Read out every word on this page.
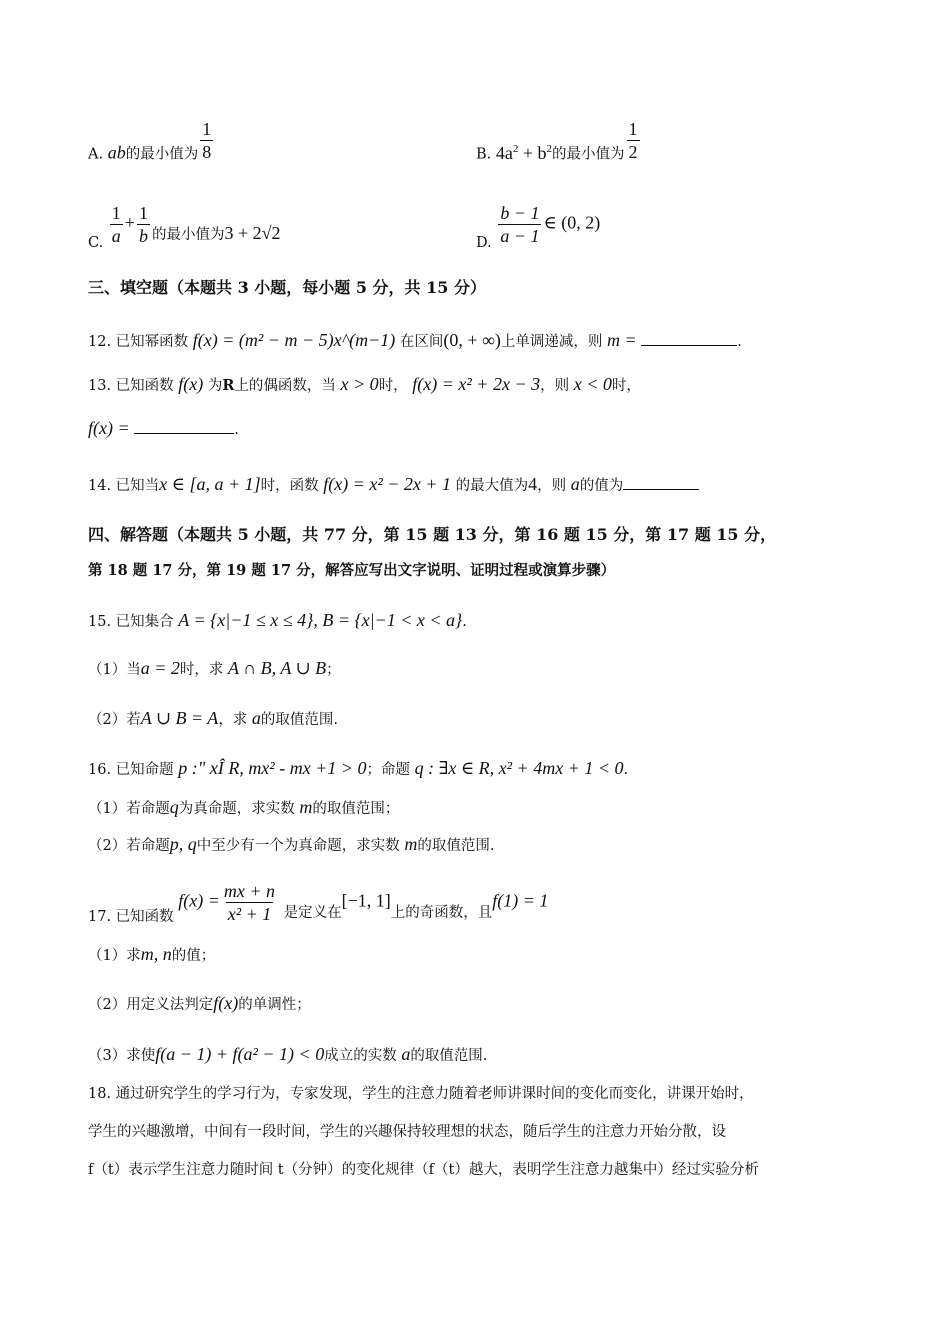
A. ab的最小值为 $\frac{1}{8}$	B. $4a^2 + b^2$的最小值为 $\frac{1}{2}$
C. $\frac{1}{a} + \frac{1}{b}$ 的最小值为3 + 2√2	D. $\frac{b - 1}{a - 1}$ ∈ (0, 2)
三、填空题（本题共 3 小题，每小题 5 分，共 15 分）
12. 已知幂函数 f(x) = (m² − m − 5)x^(m−1) 在区间(0, + ∞)上单调递减，则 m =	.
13. 已知函数 f(x) 为R上的偶函数，当 x > 0时， f(x) = x² + 2x − 3，则 x < 0时，
f(x) =	.
14. 已知当x ∈ [a, a + 1]时，函数 f(x) = x² − 2x + 1 的最大值为4，则 a的值为
四、解答题（本题共 5 小题，共 77 分，第 15 题 13 分，第 16 题 15 分，第 17 题 15 分，
第 18 题 17 分，第 19 题 17 分，解答应写出文字说明、证明过程或演算步骤）
15. 已知集合 A = {x|−1 ≤ x ≤ 4}, B = {x|−1 < x < a}.
（1）当a = 2时，求 A ∩ B, A ∪ B；
（2）若A ∪ B = A，求 a的取值范围.
16. 已知命题 p :" xÎ R, mx² - mx +1 > 0；命题 q : ∃x ∈ R, x² + 4mx + 1 < 0.
（1）若命题q为真命题，求实数 m的取值范围；
（2）若命题p, q中至少有一个为真命题，求实数 m的取值范围.
17. 已知函数 $f(x) = \frac{mx + n}{\text{x² + 1}}$ 是定义在[−1, 1]上的奇函数，且f(1) = 1
（1）求m, n的值；
（2）用定义法判定f(x)的单调性；
（3）求使f(a − 1) + f(a² − 1) < 0成立的实数 a的取值范围.
18. 通过研究学生的学习行为，专家发现，学生的注意力随着老师讲课时间的变化而变化，讲课开始时，
学生的兴趣激增，中间有一段时间，学生的兴趣保持较理想的状态，随后学生的注意力开始分散，设
f（t）表示学生注意力随时间 t（分钟）的变化规律（f（t）越大，表明学生注意力越集中）经过实验分析
